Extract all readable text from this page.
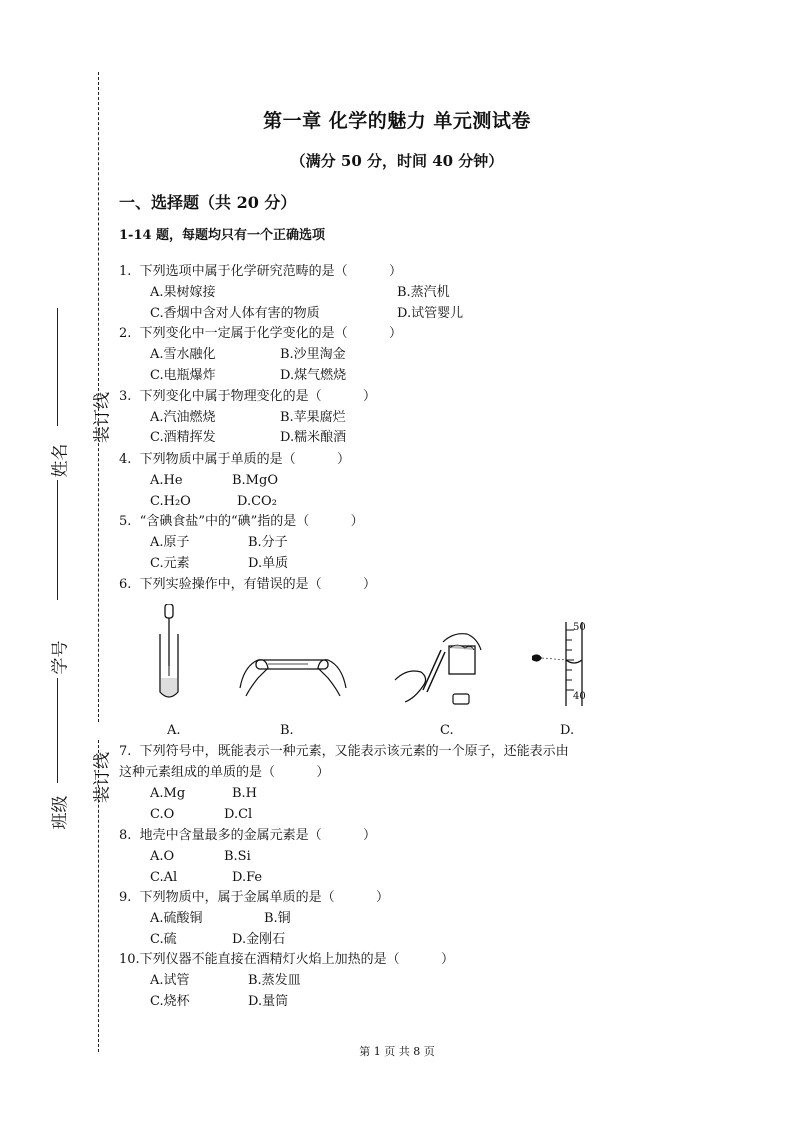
装订线
装订线
姓名
学号
班级
第一章 化学的魅力 单元测试卷
（满分 50 分，时间 40 分钟）
一、选择题（共 20 分）
1-14 题，每题均只有一个正确选项
1.  下列选项中属于化学研究范畴的是（          ）
A.果树嫁接	B.蒸汽机
C.香烟中含对人体有害的物质	D.试管婴儿
2.  下列变化中一定属于化学变化的是（          ）
A.雪水融化	B.沙里淘金
C.电瓶爆炸	D.煤气燃烧
3.  下列变化中属于物理变化的是（          ）
A.汽油燃烧	B.苹果腐烂
C.酒精挥发	D.糯米酿酒
4.  下列物质中属于单质的是（          ）
A.He	B.MgO
C.H₂O	D.CO₂
5.  “含碘食盐”中的“碘”指的是（          ）
A.原子	B.分子
C.元素	D.单质
6.  下列实验操作中，有错误的是（          ）
50
40
A.	B.	C.	D.
7.  下列符号中，既能表示一种元素，又能表示该元素的一个原子，还能表示由
这种元素组成的单质的是（          ）
A.Mg	B.H
C.O	D.Cl
8.  地壳中含量最多的金属元素是（          ）
A.O	B.Si
C.Al	D.Fe
9.  下列物质中，属于金属单质的是（          ）
A.硫酸铜	B.铜
C.硫	D.金刚石
10.下列仪器不能直接在酒精灯火焰上加热的是（          ）
A.试管	B.蒸发皿
C.烧杯	D.量筒
第 1 页 共 8 页
